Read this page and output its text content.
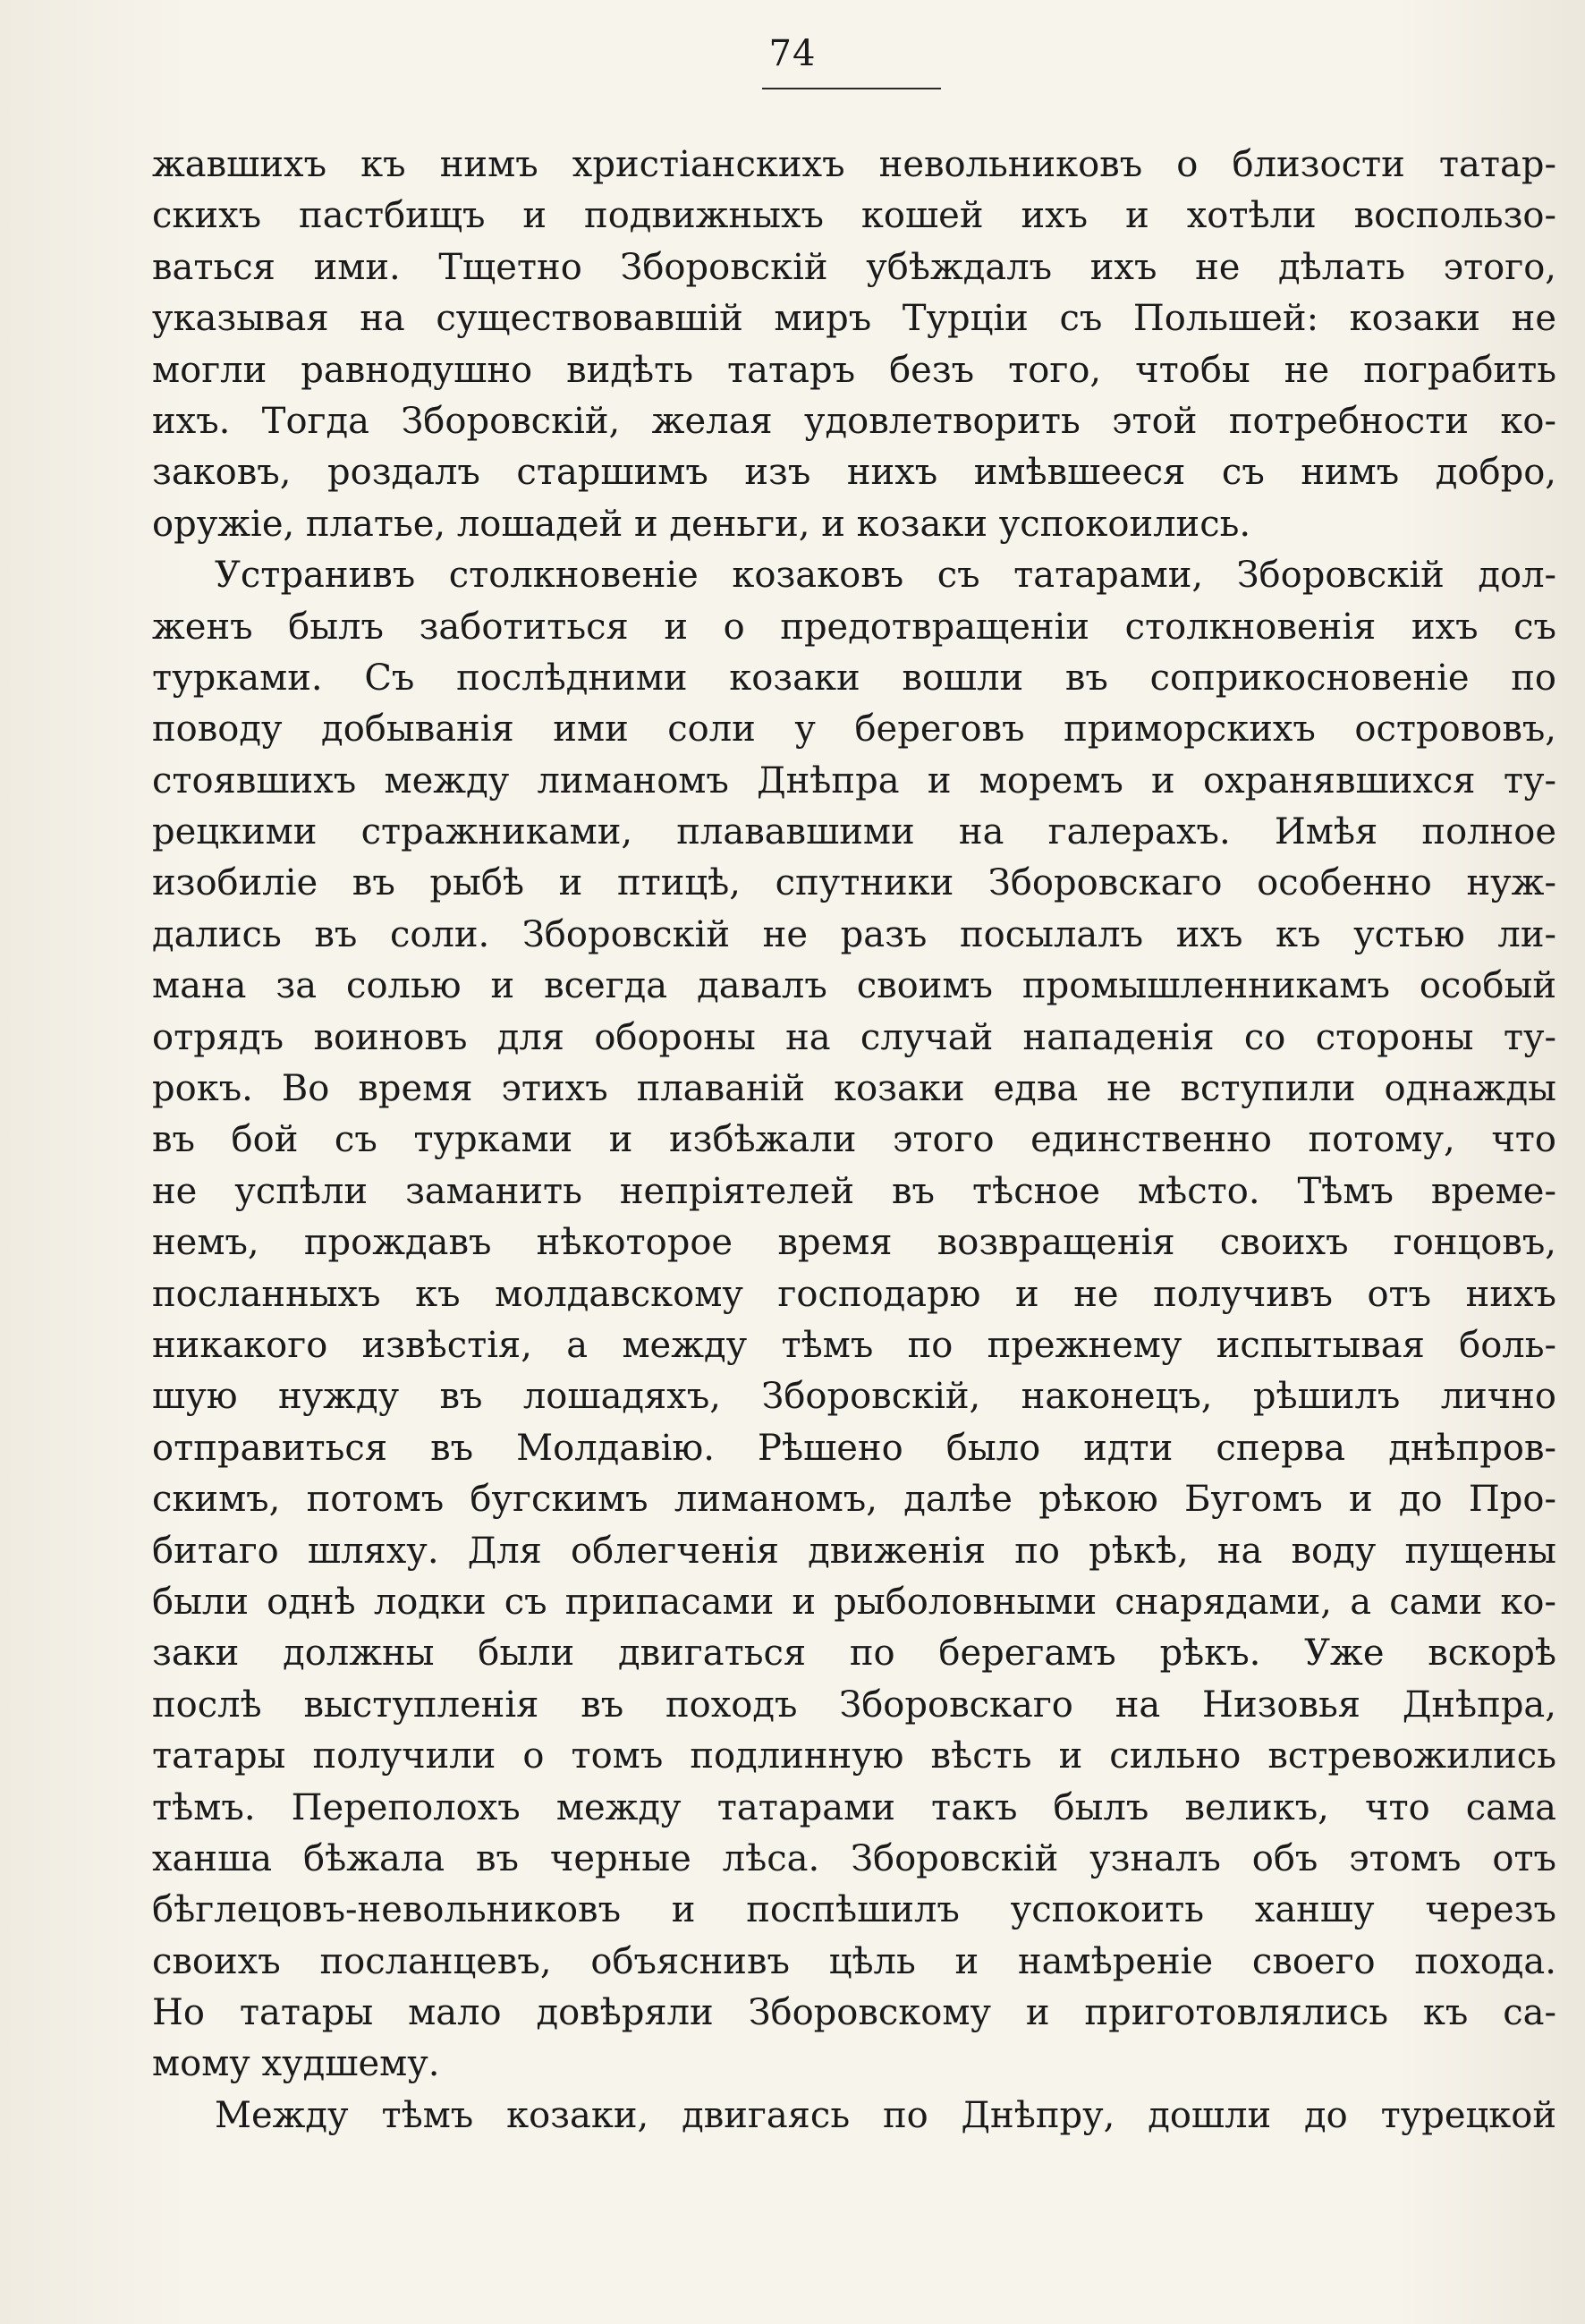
74
жавшихъ къ нимъ христіанскихъ невольниковъ о близости татар-
скихъ пастбищъ и подвижныхъ кошей ихъ и хотѣли воспользо-
ваться ими. Тщетно Зборовскій убѣждалъ ихъ не дѣлать этого,
указывая на существовавшій миръ Турціи съ Польшей: козаки не
могли равнодушно видѣть татаръ безъ того, чтобы не пограбить
ихъ. Тогда Зборовскій, желая удовлетворить этой потребности ко-
заковъ, роздалъ старшимъ изъ нихъ имѣвшееся съ нимъ добро,
оружіе, платье, лошадей и деньги, и козаки успокоились.
Устранивъ столкновеніе козаковъ съ татарами, Зборовскій дол-
женъ былъ заботиться и о предотвращеніи столкновенія ихъ съ
турками. Съ послѣдними козаки вошли въ соприкосновеніе по
поводу добыванія ими соли у береговъ приморскихъ острововъ,
стоявшихъ между лиманомъ Днѣпра и моремъ и охранявшихся ту-
рецкими стражниками, плававшими на галерахъ. Имѣя полное
изобиліе въ рыбѣ и птицѣ, спутники Зборовскаго особенно нуж-
дались въ соли. Зборовскій не разъ посылалъ ихъ къ устью ли-
мана за солью и всегда давалъ своимъ промышленникамъ особый
отрядъ воиновъ для обороны на случай нападенія со стороны ту-
рокъ. Во время этихъ плаваній козаки едва не вступили однажды
въ бой съ турками и избѣжали этого единственно потому, что
не успѣли заманить непріятелей въ тѣсное мѣсто. Тѣмъ време-
немъ, прождавъ нѣкоторое время возвращенія своихъ гонцовъ,
посланныхъ къ молдавскому господарю и не получивъ отъ нихъ
никакого извѣстія, а между тѣмъ по прежнему испытывая боль-
шую нужду въ лошадяхъ, Зборовскій, наконецъ, рѣшилъ лично
отправиться въ Молдавію. Рѣшено было идти сперва днѣпров-
скимъ, потомъ бугскимъ лиманомъ, далѣе рѣкою Бугомъ и до Про-
битаго шляху. Для облегченія движенія по рѣкѣ, на воду пущены
были однѣ лодки съ припасами и рыболовными снарядами, а сами ко-
заки должны были двигаться по берегамъ рѣкъ. Уже вскорѣ
послѣ выступленія въ походъ Зборовскаго на Низовья Днѣпра,
татары получили о томъ подлинную вѣсть и сильно встревожились
тѣмъ. Переполохъ между татарами такъ былъ великъ, что сама
ханша бѣжала въ черные лѣса. Зборовскій узналъ объ этомъ отъ
бѣглецовъ-невольниковъ и поспѣшилъ успокоить ханшу черезъ
своихъ посланцевъ, объяснивъ цѣль и намѣреніе своего похода.
Но татары мало довѣряли Зборовскому и приготовлялись къ са-
мому худшему.
Между тѣмъ козаки, двигаясь по Днѣпру, дошли до турецкой
